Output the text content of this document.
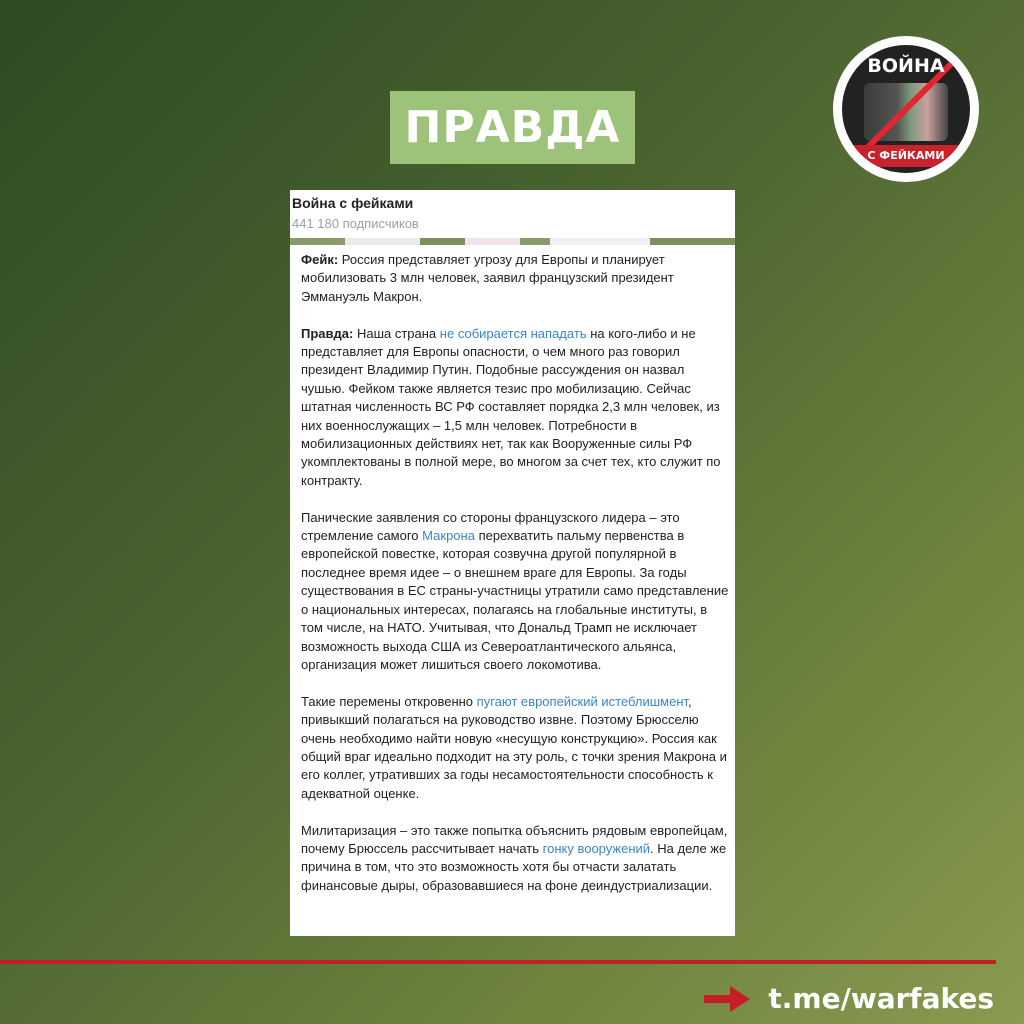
ПРАВДА
ВОЙНА
С ФЕЙКАМИ
Война с фейками
441 180 подписчиков

Фейк: Россия представляет угрозу для Европы и планирует мобилизовать 3 млн человек, заявил французский президент Эммануэль Макрон.

Правда: Наша страна не собирается нападать на кого-либо и не представляет для Европы опасности, о чем много раз говорил президент Владимир Путин. Подобные рассуждения он назвал чушью. Фейком также является тезис про мобилизацию. Сейчас штатная численность ВС РФ составляет порядка 2,3 млн человек, из них военнослужащих – 1,5 млн человек. Потребности в мобилизационных действиях нет, так как Вооруженные силы РФ укомплектованы в полной мере, во многом за счет тех, кто служит по контракту.

Панические заявления со стороны французского лидера – это стремление самого Макрона перехватить пальму первенства в европейской повестке, которая созвучна другой популярной в последнее время идее – о внешнем враге для Европы. За годы существования в ЕС страны-участницы утратили само представление о национальных интересах, полагаясь на глобальные институты, в том числе, на НАТО. Учитывая, что Дональд Трамп не исключает возможность выхода США из Североатлантического альянса, организация может лишиться своего локомотива.

Такие перемены откровенно пугают европейский истеблишмент, привыкший полагаться на руководство извне. Поэтому Брюсселю очень необходимо найти новую «несущую конструкцию». Россия как общий враг идеально подходит на эту роль, с точки зрения Макрона и его коллег, утративших за годы несамостоятельности способность к адекватной оценке.

Милитаризация – это также попытка объяснить рядовым европейцам, почему Брюссель рассчитывает начать гонку вооружений. На деле же причина в том, что это возможность хотя бы отчасти залатать финансовые дыры, образовавшиеся на фоне деиндустриализации.

t.me/warfakes
